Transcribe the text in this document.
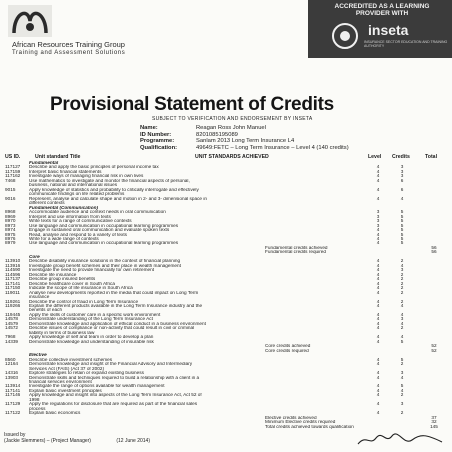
African Resources Training Group
Training and Assessment Solutions
ACCREDITED AS A LEARNING PROVIDER WITH
inseta
INSURANCE SECTOR EDUCATION AND TRAINING AUTHORITY
Provisional Statement of Credits
SUBJECT TO VERIFICATION AND ENDORSEMENT BY INSETA
Name:	Reagan Ross John Manuel
ID Number:	8201085195089
Programme:	Sanlam 2013 Long Term Insurance L4
Qualification:	49649:FETC – Long Term Insurance – Level 4 (140 credits)
US ID.	Unit standard Title	UNIT STANDARDS ACHIEVED	Level Credits	Total
Fundamental
117127	Describe and apply the basic principles of personal income tax	4	3
117159	Interpret basic financial statements	4	3
117162	Investigate ways of managing financial risk in own lives	4	3
7468	Use mathematics to investigate and monitor the financial aspects of personal,	4	6
business, national and international issues
9015	Apply knowledge of statistics and probability to critically interrogate and effectively	4	6
communicate findings on life related problems
9016	Represent, analyse and calculate shape and motion in 2- and 3- dimensional space in	4	4
different contexts
Fundamental (Communication)
8968	Accommodate audience and context needs in oral communication	3	5
8969	Interpret and use information from texts	3	5
8970	Write texts for a range of communicative contexts	3	5
8973	Use language and communication in occupational learning programmes	3	5
8974	Engage in sustained oral communication and evaluate spoken texts	4	5
8975	Read, analyse and respond to a variety of texts	4	5
8976	Write for a wide range of contexts	4	5
8979	Use language and communication in occupational learning programmes	4	5
Fundamental credits achieved	56
Fundamental credits required	56
Core
113910	Describe disability insurance solutions in the context of financial planning	4	2
113916	Investigate group benefit schemes and their place in wealth management	4	4
114590	Investigate the need to provide financially for own retirement	4	3
114596	Describe life insurance	4	2
117137	Describe group insured benefits	4	2
117141	Describe healthcare cover in South Africa	4	2
117150	Indicate the scope of life insurance in South Africa	4	2
119011	Analyse new developments reported in the media that could impact on Long Term	4	2
insurance
119261	Describe the control of fraud in Long Term Insurance	4	2
119266	Explain the different products available in the Long Term Insurance industry and the	4	4
benefits of each
119445	Apply the skills of customer care in a specific work environment	4	4
14578	Demonstrate understanding of the Long Term Insurance Act	4	3
14579	Demonstrate knowledge and application of ethical conduct in a business environment	4	4
14572	Describe issues of compliance or non-activity that could result in civil or criminal	4	2
liability in terms of business law
7968	Apply knowledge of self and team in order to develop a plan	4	4
14339	Demonstrate knowledge and understanding of insurable risk	4	5
Core credits achieved	52
Core credits required	52
Elective
8560	Describe collective investment schemes	4	5
12164	Demonstrate knowledge and insight of the Financial Advisory and Intermediary	4	2
Services Act (FAIS) (Act 37 of 2002)
14316	Explore strategies to retain or expand existing business	4	3
13903	Demonstrate skills and techniques required to build a relationship with a client in a	4	4
financial services environment
113914	Investigate the range of options available for wealth management	4	5
117141	Explain basic investment principles	4	4
117146	Apply knowledge and insight into aspects of the Long Term Insurance Act, Act 52 of	4	2
1998
117129	Apply the regulations for disclosure that are required as part of the financial sales	4	3
process
117122	Explain basic economics	4	2
Elective credits achieved	37
Minimum Elective credits required	32
Total credits achieved towards qualification	145
Issued by
(Jackie Slemmers) – (Project Manager)	(12 June 2014)
